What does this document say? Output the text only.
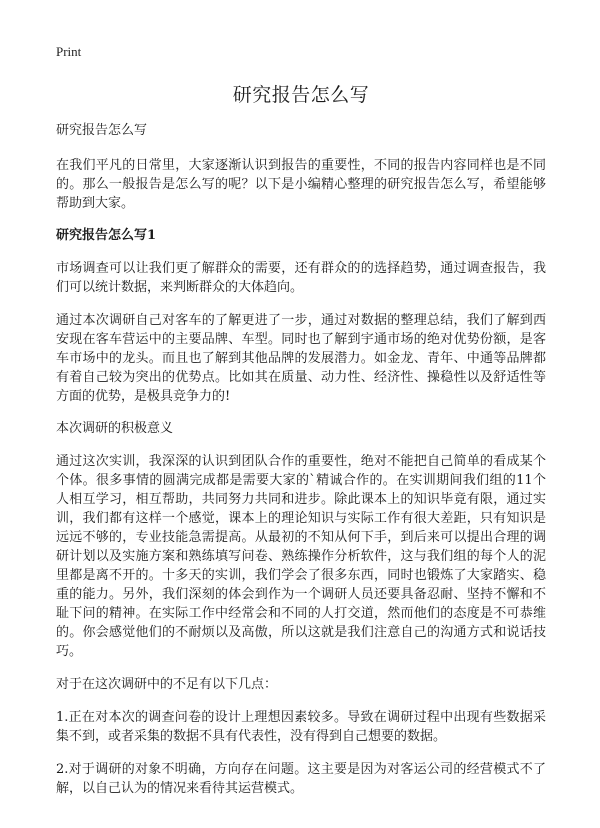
Print
研究报告怎么写
研究报告怎么写

在我们平凡的日常里，大家逐渐认识到报告的重要性，不同的报告内容同样也是不同的。那么一般报告是怎么写的呢？以下是小编精心整理的研究报告怎么写，希望能够帮助到大家。

研究报告怎么写1

市场调查可以让我们更了解群众的需要，还有群众的的选择趋势，通过调查报告，我们可以统计数据，来判断群众的大体趋向。

通过本次调研自己对客车的了解更进了一步，通过对数据的整理总结，我们了解到西安现在客车营运中的主要品牌、车型。同时也了解到宇通市场的绝对优势份额，是客车市场中的龙头。而且也了解到其他品牌的发展潜力。如金龙、青年、中通等品牌都有着自己较为突出的优势点。比如其在质量、动力性、经济性、操稳性以及舒适性等方面的优势，是极具竞争力的!

本次调研的积极意义

通过这次实训，我深深的认识到团队合作的重要性，绝对不能把自己简单的看成某个个体。很多事情的圆满完成都是需要大家的`精诚合作的。在实训期间我们组的11个人相互学习，相互帮助，共同努力共同和进步。除此课本上的知识毕竟有限，通过实训，我们都有这样一个感觉，课本上的理论知识与实际工作有很大差距，只有知识是远远不够的，专业技能急需提高。从最初的不知从何下手，到后来可以提出合理的调研计划以及实施方案和熟练填写问卷、熟练操作分析软件，这与我们组的每个人的泥里都是离不开的。十多天的实训，我们学会了很多东西，同时也锻炼了大家踏实、稳重的能力。另外，我们深刻的体会到作为一个调研人员还要具备忍耐、坚持不懈和不耻下问的精神。在实际工作中经常会和不同的人打交道，然而他们的态度是不可恭维的。你会感觉他们的不耐烦以及高傲，所以这就是我们注意自己的沟通方式和说话技巧。

对于在这次调研中的不足有以下几点：

1.正在对本次的调查问卷的设计上理想因素较多。导致在调研过程中出现有些数据采集不到，或者采集的数据不具有代表性，没有得到自己想要的数据。

2.对于调研的对象不明确，方向存在问题。这主要是因为对客运公司的经营模式不了解，以自己认为的情况来看待其运营模式。
